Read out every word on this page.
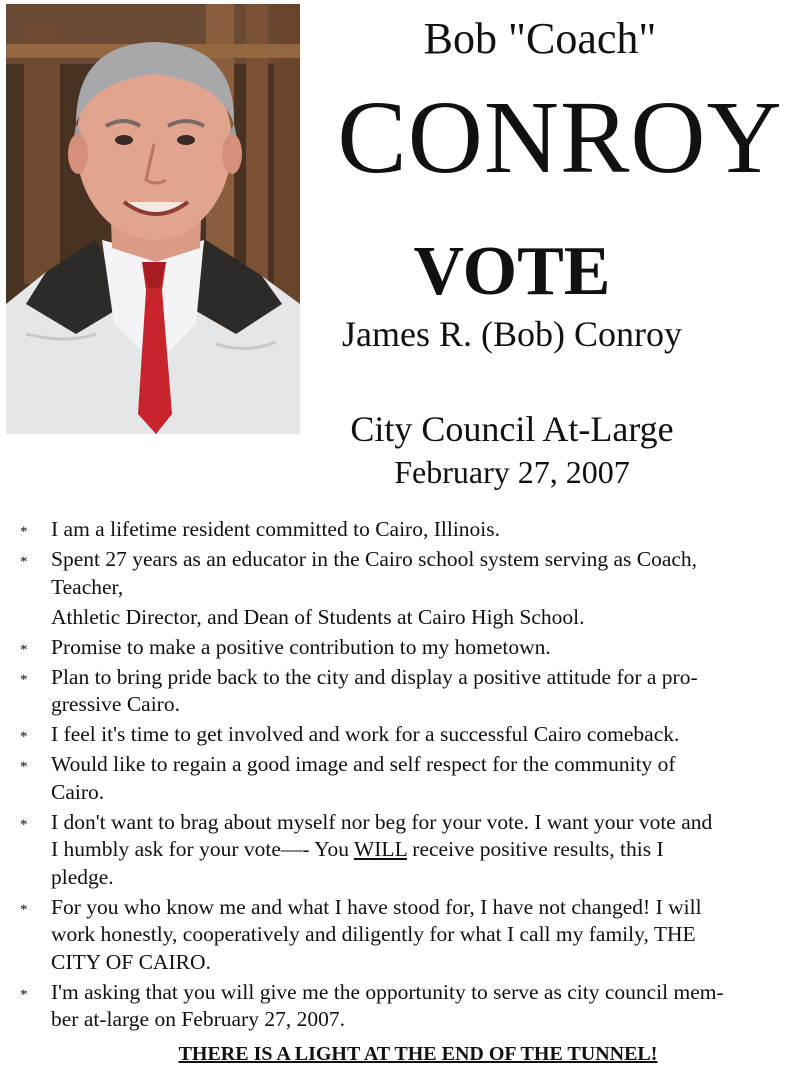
Bob "Coach"
CONROY
VOTE
James R. (Bob) Conroy
City Council At-Large
February 27, 2007
* I am a lifetime resident committed to Cairo, Illinois.
* Spent 27 years as an educator in the Cairo school system serving as Coach,
Teacher,
Athletic Director, and Dean of Students at Cairo High School.
* Promise to make a positive contribution to my hometown.
* Plan to bring pride back to the city and display a positive attitude for a pro-
gressive Cairo.
* I feel it's time to get involved and work for a successful Cairo comeback.
* Would like to regain a good image and self respect for the community of
Cairo.
* I don't want to brag about myself nor beg for your vote. I want your vote and
I humbly ask for your vote—- You WILL receive positive results, this I
pledge.
* For you who know me and what I have stood for, I have not changed! I will
work honestly, cooperatively and diligently for what I call my family, THE
CITY OF CAIRO.
* I'm asking that you will give me the opportunity to serve as city council mem-
ber at-large on February 27, 2007.

THERE IS A LIGHT AT THE END OF THE TUNNEL!
